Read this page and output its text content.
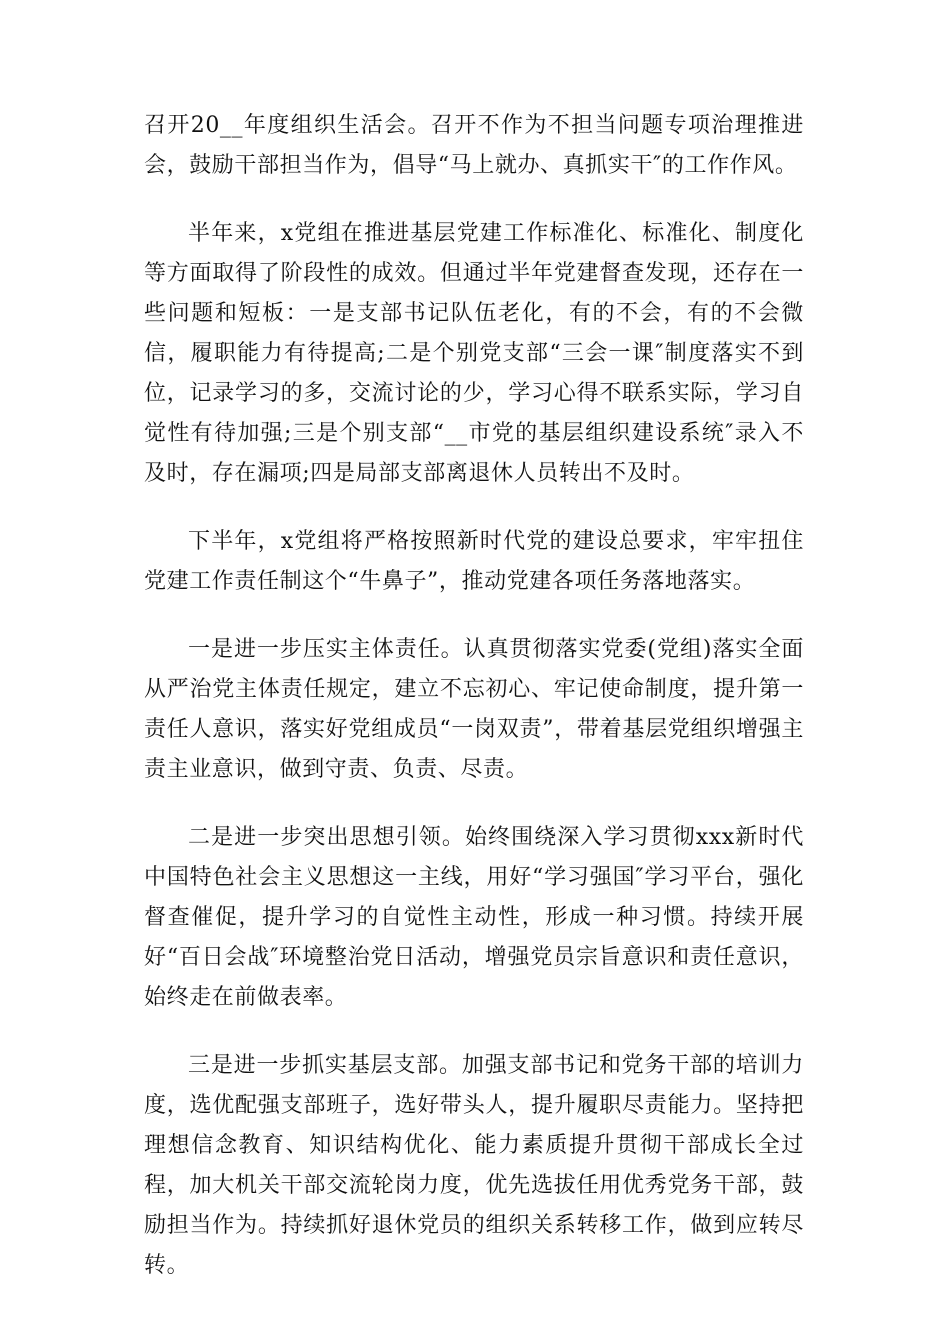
召开20__年度组织生活会。召开不作为不担当问题专项治理推进会，鼓励干部担当作为，倡导“马上就办、真抓实干″的工作作风。

半年来，x党组在推进基层党建工作标准化、标准化、制度化等方面取得了阶段性的成效。但通过半年党建督查发现，还存在一些问题和短板：一是支部书记队伍老化，有的不会，有的不会微信，履职能力有待提高;二是个别党支部“三会一课″制度落实不到位，记录学习的多，交流讨论的少，学习心得不联系实际，学习自觉性有待加强;三是个别支部“__市党的基层组织建设系统″录入不及时，存在漏项;四是局部支部离退休人员转出不及时。

下半年，x党组将严格按照新时代党的建设总要求，牢牢扭住党建工作责任制这个“牛鼻子”，推动党建各项任务落地落实。

一是进一步压实主体责任。认真贯彻落实党委(党组)落实全面从严治党主体责任规定，建立不忘初心、牢记使命制度，提升第一责任人意识，落实好党组成员“一岗双责”，带着基层党组织增强主责主业意识，做到守责、负责、尽责。

二是进一步突出思想引领。始终围绕深入学习贯彻xxx新时代中国特色社会主义思想这一主线，用好“学习强国″学习平台，强化督查催促，提升学习的自觉性主动性，形成一种习惯。持续开展好“百日会战″环境整治党日活动，增强党员宗旨意识和责任意识，始终走在前做表率。

三是进一步抓实基层支部。加强支部书记和党务干部的培训力度，选优配强支部班子，选好带头人，提升履职尽责能力。坚持把理想信念教育、知识结构优化、能力素质提升贯彻干部成长全过程，加大机关干部交流轮岗力度，优先选拔任用优秀党务干部，鼓励担当作为。持续抓好退休党员的组织关系转移工作，做到应转尽转。
